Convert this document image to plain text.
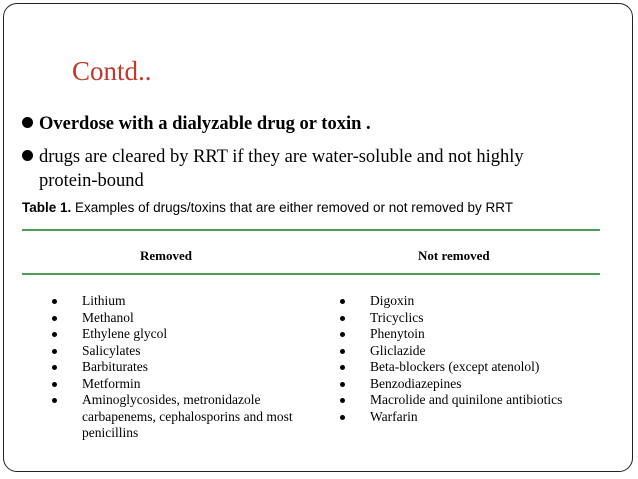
Contd..
Overdose with a dialyzable drug or toxin .
drugs are cleared by RRT if they are water-soluble and not highly
protein-bound
Table 1. Examples of drugs/toxins that are either removed or not removed by RRT
Removed	Not removed
Lithium
Methanol
Ethylene glycol
Salicylates
Barbiturates
Metformin
Aminoglycosides, metronidazole carbapenems, cephalosporins and most penicillins
Digoxin
Tricyclics
Phenytoin
Gliclazide
Beta-blockers (except atenolol)
Benzodiazepines
Macrolide and quinilone antibiotics
Warfarin
